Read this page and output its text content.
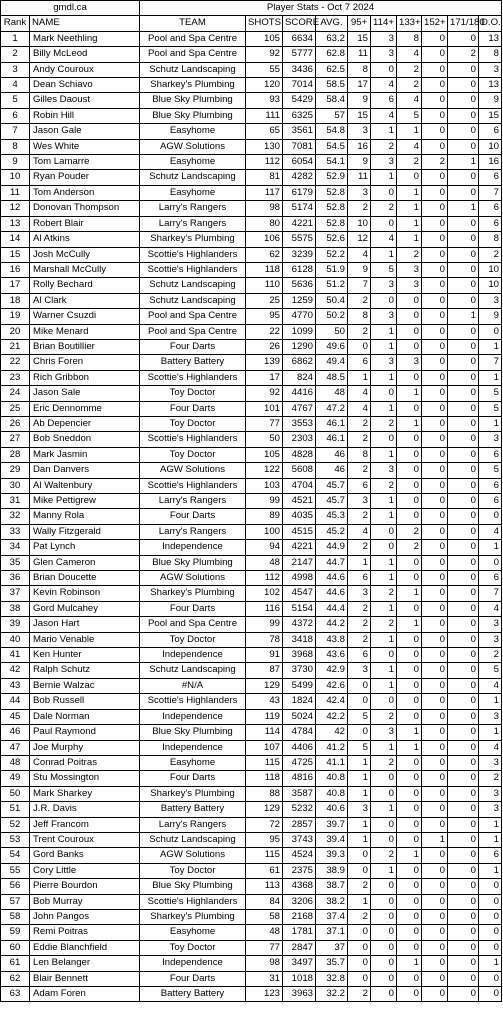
gmdl.ca		Player Stats - Oct 7 2024									
Rank	NAME	TEAM	SHOTS	SCORE	AVG.	95+	114+	133+	152+	171/180	D.O.
1	Mark Neethling	Pool and Spa Centre	105	6634	63.2	15	3	8	0	0	13
2	Billy McLeod	Pool and Spa Centre	92	5777	62.8	11	3	4	0	2	8
3	Andy Couroux	Schutz Landscaping	55	3436	62.5	8	0	2	0	0	3
4	Dean Schiavo	Sharkey's Plumbing	120	7014	58.5	17	4	2	0	0	13
5	Gilles Daoust	Blue Sky Plumbing	93	5429	58.4	9	6	4	0	0	9
6	Robin Hill	Blue Sky Plumbing	111	6325	57	15	4	5	0	0	15
7	Jason Gale	Easyhome	65	3561	54.8	3	1	1	0	0	6
8	Wes White	AGW Solutions	130	7081	54.5	16	2	4	0	0	10
9	Tom Lamarre	Easyhome	112	6054	54.1	9	3	2	2	1	16
10	Ryan Pouder	Schutz Landscaping	81	4282	52.9	11	1	0	0	0	6
11	Tom Anderson	Easyhome	117	6179	52.8	3	0	1	0	0	7
12	Donovan Thompson	Larry's Rangers	98	5174	52.8	2	2	1	0	1	6
13	Robert Blair	Larry's Rangers	80	4221	52.8	10	0	1	0	0	6
14	Al Atkins	Sharkey's Plumbing	106	5575	52.6	12	4	1	0	0	8
15	Josh McCully	Scottie's Highlanders	62	3239	52.2	4	1	2	0	0	2
16	Marshall McCully	Scottie's Highlanders	118	6128	51.9	9	5	3	0	0	10
17	Rolly Bechard	Schutz Landscaping	110	5636	51.2	7	3	3	0	0	10
18	Al Clark	Schutz Landscaping	25	1259	50.4	2	0	0	0	0	3
19	Warner Csuzdi	Pool and Spa Centre	95	4770	50.2	8	3	0	0	1	9
20	Mike Menard	Pool and Spa Centre	22	1099	50	2	1	0	0	0	0
21	Brian Boutillier	Four Darts	26	1290	49.6	0	1	0	0	0	1
22	Chris Foren	Battery Battery	139	6862	49.4	6	3	3	0	0	7
23	Rich Gribbon	Scottie's Highlanders	17	824	48.5	1	1	0	0	0	1
24	Jason Sale	Toy Doctor	92	4416	48	4	0	1	0	0	5
25	Eric Dennomme	Four Darts	101	4767	47.2	4	1	0	0	0	5
26	Ab Depencier	Toy Doctor	77	3553	46.1	2	2	1	0	0	1
27	Bob Sneddon	Scottie's Highlanders	50	2303	46.1	2	0	0	0	0	3
28	Mark Jasmin	Toy Doctor	105	4828	46	8	1	0	0	0	6
29	Dan Danvers	AGW Solutions	122	5608	46	2	3	0	0	0	5
30	Al Waltenbury	Scottie's Highlanders	103	4704	45.7	6	2	0	0	0	6
31	Mike Pettigrew	Larry's Rangers	99	4521	45.7	3	1	0	0	0	6
32	Manny Rola	Four Darts	89	4035	45.3	2	1	0	0	0	0
33	Wally Fitzgerald	Larry's Rangers	100	4515	45.2	4	0	2	0	0	4
34	Pat Lynch	Independence	94	4221	44.9	2	0	2	0	0	1
35	Glen Cameron	Blue Sky Plumbing	48	2147	44.7	1	1	0	0	0	0
36	Brian Doucette	AGW Solutions	112	4998	44.6	6	1	0	0	0	6
37	Kevin Robinson	Sharkey's Plumbing	102	4547	44.6	3	2	1	0	0	7
38	Gord Mulcahey	Four Darts	116	5154	44.4	2	1	0	0	0	4
39	Jason Hart	Pool and Spa Centre	99	4372	44.2	2	2	1	0	0	3
40	Mario Venable	Toy Doctor	78	3418	43.8	2	1	0	0	0	3
41	Ken Hunter	Independence	91	3968	43.6	6	0	0	0	0	2
42	Ralph Schutz	Schutz Landscaping	87	3730	42.9	3	1	0	0	0	5
43	Bernie Walzac	#N/A	129	5499	42.6	0	1	0	0	0	4
44	Bob Russell	Scottie's Highlanders	43	1824	42.4	0	0	0	0	0	1
45	Dale Norman	Independence	119	5024	42.2	5	2	0	0	0	3
46	Paul Raymond	Blue Sky Plumbing	114	4784	42	0	3	1	0	0	1
47	Joe Murphy	Independence	107	4406	41.2	5	1	1	0	0	4
48	Conrad Poitras	Easyhome	115	4725	41.1	1	2	0	0	0	3
49	Stu Mossington	Four Darts	118	4816	40.8	1	0	0	0	0	2
50	Mark Sharkey	Sharkey's Plumbing	88	3587	40.8	1	0	0	0	0	3
51	J.R. Davis	Battery Battery	129	5232	40.6	3	1	0	0	0	3
52	Jeff Francom	Larry's Rangers	72	2857	39.7	1	0	0	0	0	1
53	Trent Couroux	Schutz Landscaping	95	3743	39.4	1	0	0	1	0	1
54	Gord Banks	AGW Solutions	115	4524	39.3	0	2	1	0	0	6
55	Cory Little	Toy Doctor	61	2375	38.9	0	1	0	0	0	1
56	Pierre Bourdon	Blue Sky Plumbing	113	4368	38.7	2	0	0	0	0	0
57	Bob Murray	Scottie's Highlanders	84	3206	38.2	1	0	0	0	0	0
58	John Pangos	Sharkey's Plumbing	58	2168	37.4	2	0	0	0	0	0
59	Remi Poitras	Easyhome	48	1781	37.1	0	0	0	0	0	0
60	Eddie Blanchfield	Toy Doctor	77	2847	37	0	0	0	0	0	0
61	Len Belanger	Independence	98	3497	35.7	0	0	1	0	0	1
62	Blair Bennett	Four Darts	31	1018	32.8	0	0	0	0	0	0
63	Adam Foren	Battery Battery	123	3963	32.2	2	0	0	0	0	0
